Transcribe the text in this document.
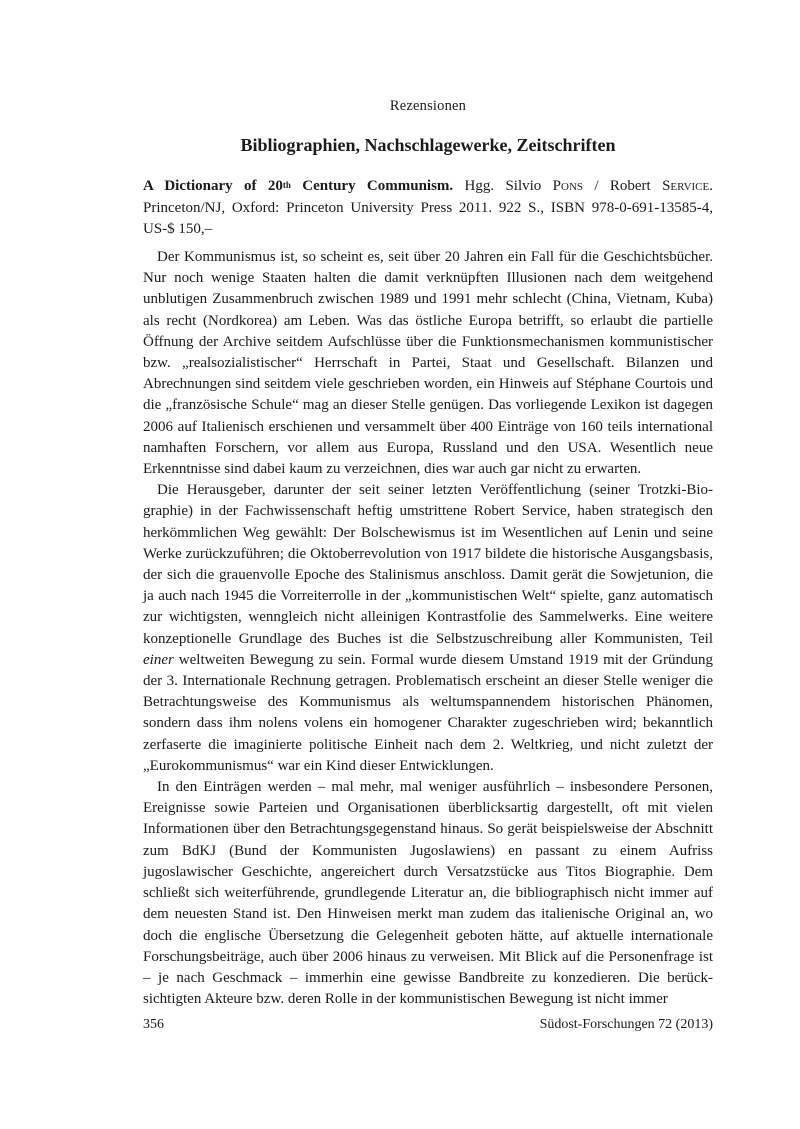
Rezensionen
Bibliographien, Nachschlagewerke, Zeitschriften
A Dictionary of 20th Century Communism. Hgg. Silvio Pons / Robert Service. Princeton/NJ, Oxford: Princeton University Press 2011. 922 S., ISBN 978-0-691-13585-4, US-$ 150,–

Der Kommunismus ist, so scheint es, seit über 20 Jahren ein Fall für die Geschichtsbücher. Nur noch wenige Staaten halten die damit verknüpften Illusionen nach dem weitgehend unblutigen Zusammenbruch zwischen 1989 und 1991 mehr schlecht (China, Vietnam, Kuba) als recht (Nordkorea) am Leben. Was das östliche Europa betrifft, so erlaubt die partielle Öffnung der Archive seitdem Aufschlüsse über die Funktionsmechanismen kommunistischer bzw. „realsozialistischer“ Herrschaft in Partei, Staat und Gesellschaft. Bilanzen und Abrechnungen sind seitdem viele geschrieben worden, ein Hinweis auf Stéphane Courtois und die „französische Schule“ mag an dieser Stelle genügen. Das vorliegende Lexikon ist dagegen 2006 auf Italienisch erschienen und versammelt über 400 Einträge von 160 teils international namhaften Forschern, vor allem aus Europa, Russland und den USA. Wesentlich neue Erkenntnisse sind dabei kaum zu verzeichnen, dies war auch gar nicht zu erwarten.

Die Herausgeber, darunter der seit seiner letzten Veröffentlichung (seiner Trotzki-Biographie) in der Fachwissenschaft heftig umstrittene Robert Service, haben strategisch den herkömmlichen Weg gewählt: Der Bolschewismus ist im Wesentlichen auf Lenin und seine Werke zurückzuführen; die Oktoberrevolution von 1917 bildete die historische Ausgangsbasis, der sich die grauenvolle Epoche des Stalinismus anschloss. Damit gerät die Sowjetunion, die ja auch nach 1945 die Vorreiterrolle in der „kommunistischen Welt“ spielte, ganz automatisch zur wichtigsten, wenngleich nicht alleinigen Kontrastfolie des Sammelwerks. Eine weitere konzeptionelle Grundlage des Buches ist die Selbstzuschreibung aller Kommunisten, Teil einer weltweiten Bewegung zu sein. Formal wurde diesem Umstand 1919 mit der Gründung der 3. Internationale Rechnung getragen. Problematisch erscheint an dieser Stelle weniger die Betrachtungsweise des Kommunismus als weltumspannendem historischen Phänomen, sondern dass ihm nolens volens ein homogener Charakter zugeschrieben wird; bekanntlich zerfaserte die imaginierte politische Einheit nach dem 2. Weltkrieg, und nicht zuletzt der „Eurokommunismus“ war ein Kind dieser Entwicklungen.

In den Einträgen werden – mal mehr, mal weniger ausführlich – insbesondere Personen, Ereignisse sowie Parteien und Organisationen überblicksartig dargestellt, oft mit vielen Informationen über den Betrachtungsgegenstand hinaus. So gerät beispielsweise der Abschnitt zum BdKJ (Bund der Kommunisten Jugoslawiens) en passant zu einem Aufriss jugoslawischer Geschichte, angereichert durch Versatzstücke aus Titos Biographie. Dem schließt sich weiterführende, grundlegende Literatur an, die bibliographisch nicht immer auf dem neuesten Stand ist. Den Hinweisen merkt man zudem das italienische Original an, wo doch die englische Übersetzung die Gelegenheit geboten hätte, auf aktuelle internationale Forschungsbeiträge, auch über 2006 hinaus zu verweisen. Mit Blick auf die Personenfrage ist – je nach Geschmack – immerhin eine gewisse Bandbreite zu konzedieren. Die berücksichtigten Akteure bzw. deren Rolle in der kommunistischen Bewegung ist nicht immer

356	Südost-Forschungen 72 (2013)
